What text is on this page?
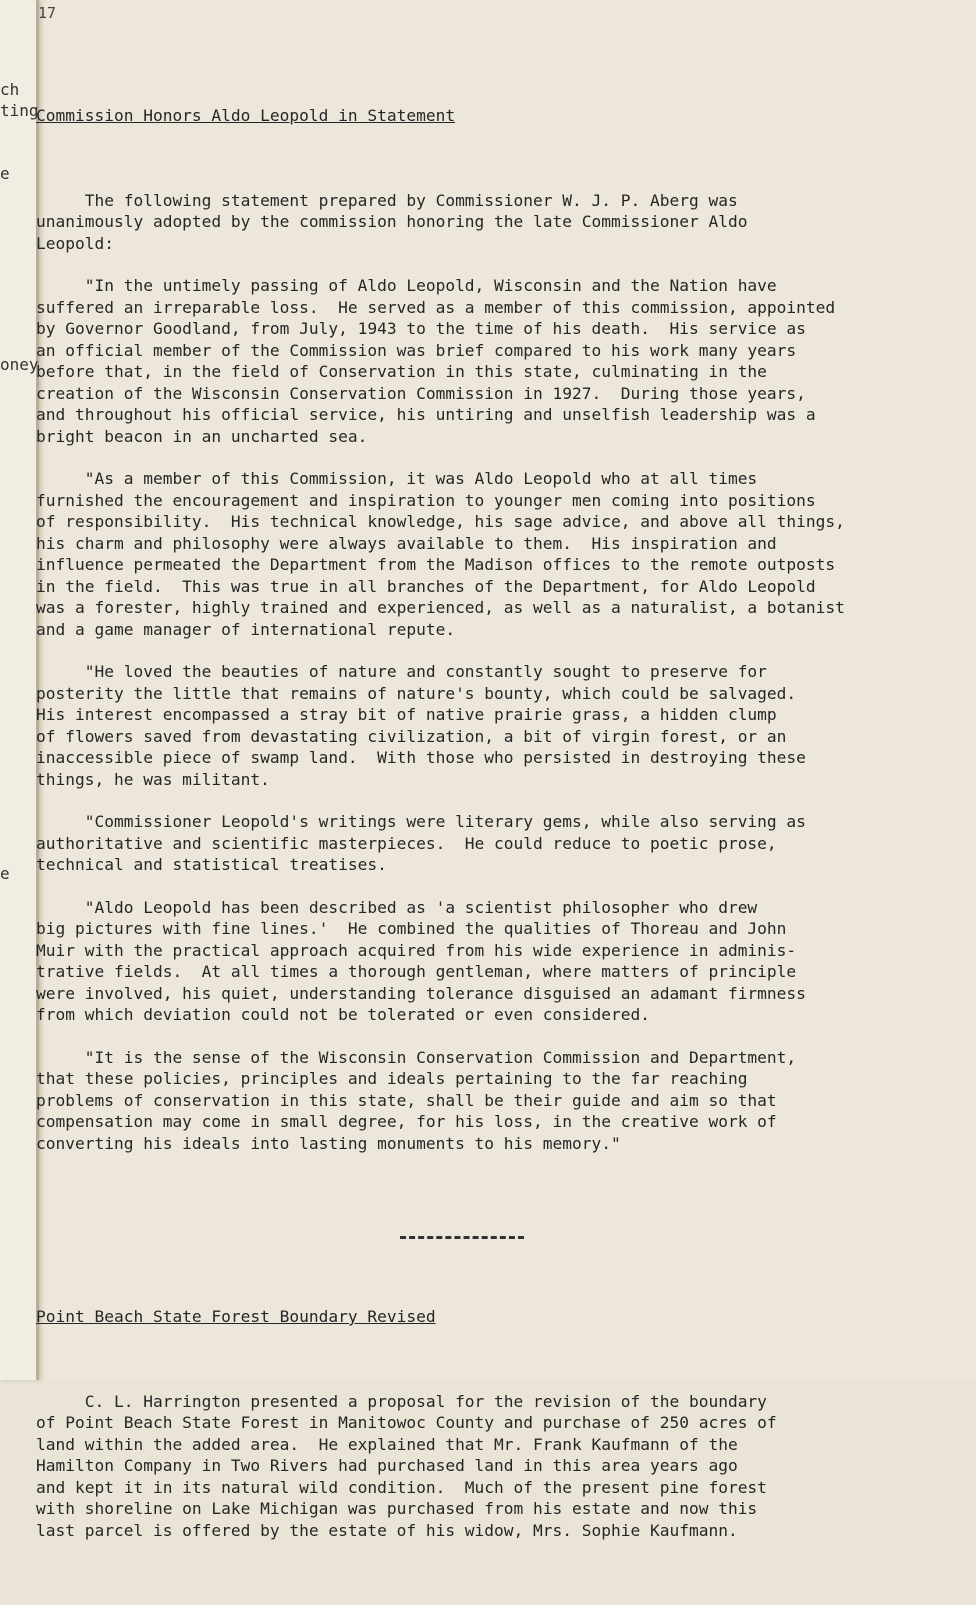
ch
ting
e
oney
e
17

Commission Honors Aldo Leopold in Statement

The following statement prepared by Commissioner W. J. P. Aberg was
unanimously adopted by the commission honoring the late Commissioner Aldo
Leopold:
"In the untimely passing of Aldo Leopold, Wisconsin and the Nation have
suffered an irreparable loss.  He served as a member of this commission, appointed
by Governor Goodland, from July, 1943 to the time of his death.  His service as
an official member of the Commission was brief compared to his work many years
before that, in the field of Conservation in this state, culminating in the
creation of the Wisconsin Conservation Commission in 1927.  During those years,
and throughout his official service, his untiring and unselfish leadership was a
bright beacon in an uncharted sea.
"As a member of this Commission, it was Aldo Leopold who at all times
furnished the encouragement and inspiration to younger men coming into positions
of responsibility.  His technical knowledge, his sage advice, and above all things,
his charm and philosophy were always available to them.  His inspiration and
influence permeated the Department from the Madison offices to the remote outposts
in the field.  This was true in all branches of the Department, for Aldo Leopold
was a forester, highly trained and experienced, as well as a naturalist, a botanist
and a game manager of international repute.
"He loved the beauties of nature and constantly sought to preserve for
posterity the little that remains of nature's bounty, which could be salvaged.
His interest encompassed a stray bit of native prairie grass, a hidden clump
of flowers saved from devastating civilization, a bit of virgin forest, or an
inaccessible piece of swamp land.  With those who persisted in destroying these
things, he was militant.
"Commissioner Leopold's writings were literary gems, while also serving as
authoritative and scientific masterpieces.  He could reduce to poetic prose,
technical and statistical treatises.
"Aldo Leopold has been described as 'a scientist philosopher who drew
big pictures with fine lines.'  He combined the qualities of Thoreau and John
Muir with the practical approach acquired from his wide experience in adminis-
trative fields.  At all times a thorough gentleman, where matters of principle
were involved, his quiet, understanding tolerance disguised an adamant firmness
from which deviation could not be tolerated or even considered.
"It is the sense of the Wisconsin Conservation Commission and Department,
that these policies, principles and ideals pertaining to the far reaching
problems of conservation in this state, shall be their guide and aim so that
compensation may come in small degree, for his loss, in the creative work of
converting his ideals into lasting monuments to his memory."

Point Beach State Forest Boundary Revised

C. L. Harrington presented a proposal for the revision of the boundary
of Point Beach State Forest in Manitowoc County and purchase of 250 acres of
land within the added area.  He explained that Mr. Frank Kaufmann of the
Hamilton Company in Two Rivers had purchased land in this area years ago
and kept it in its natural wild condition.  Much of the present pine forest
with shoreline on Lake Michigan was purchased from his estate and now this
last parcel is offered by the estate of his widow, Mrs. Sophie Kaufmann.
